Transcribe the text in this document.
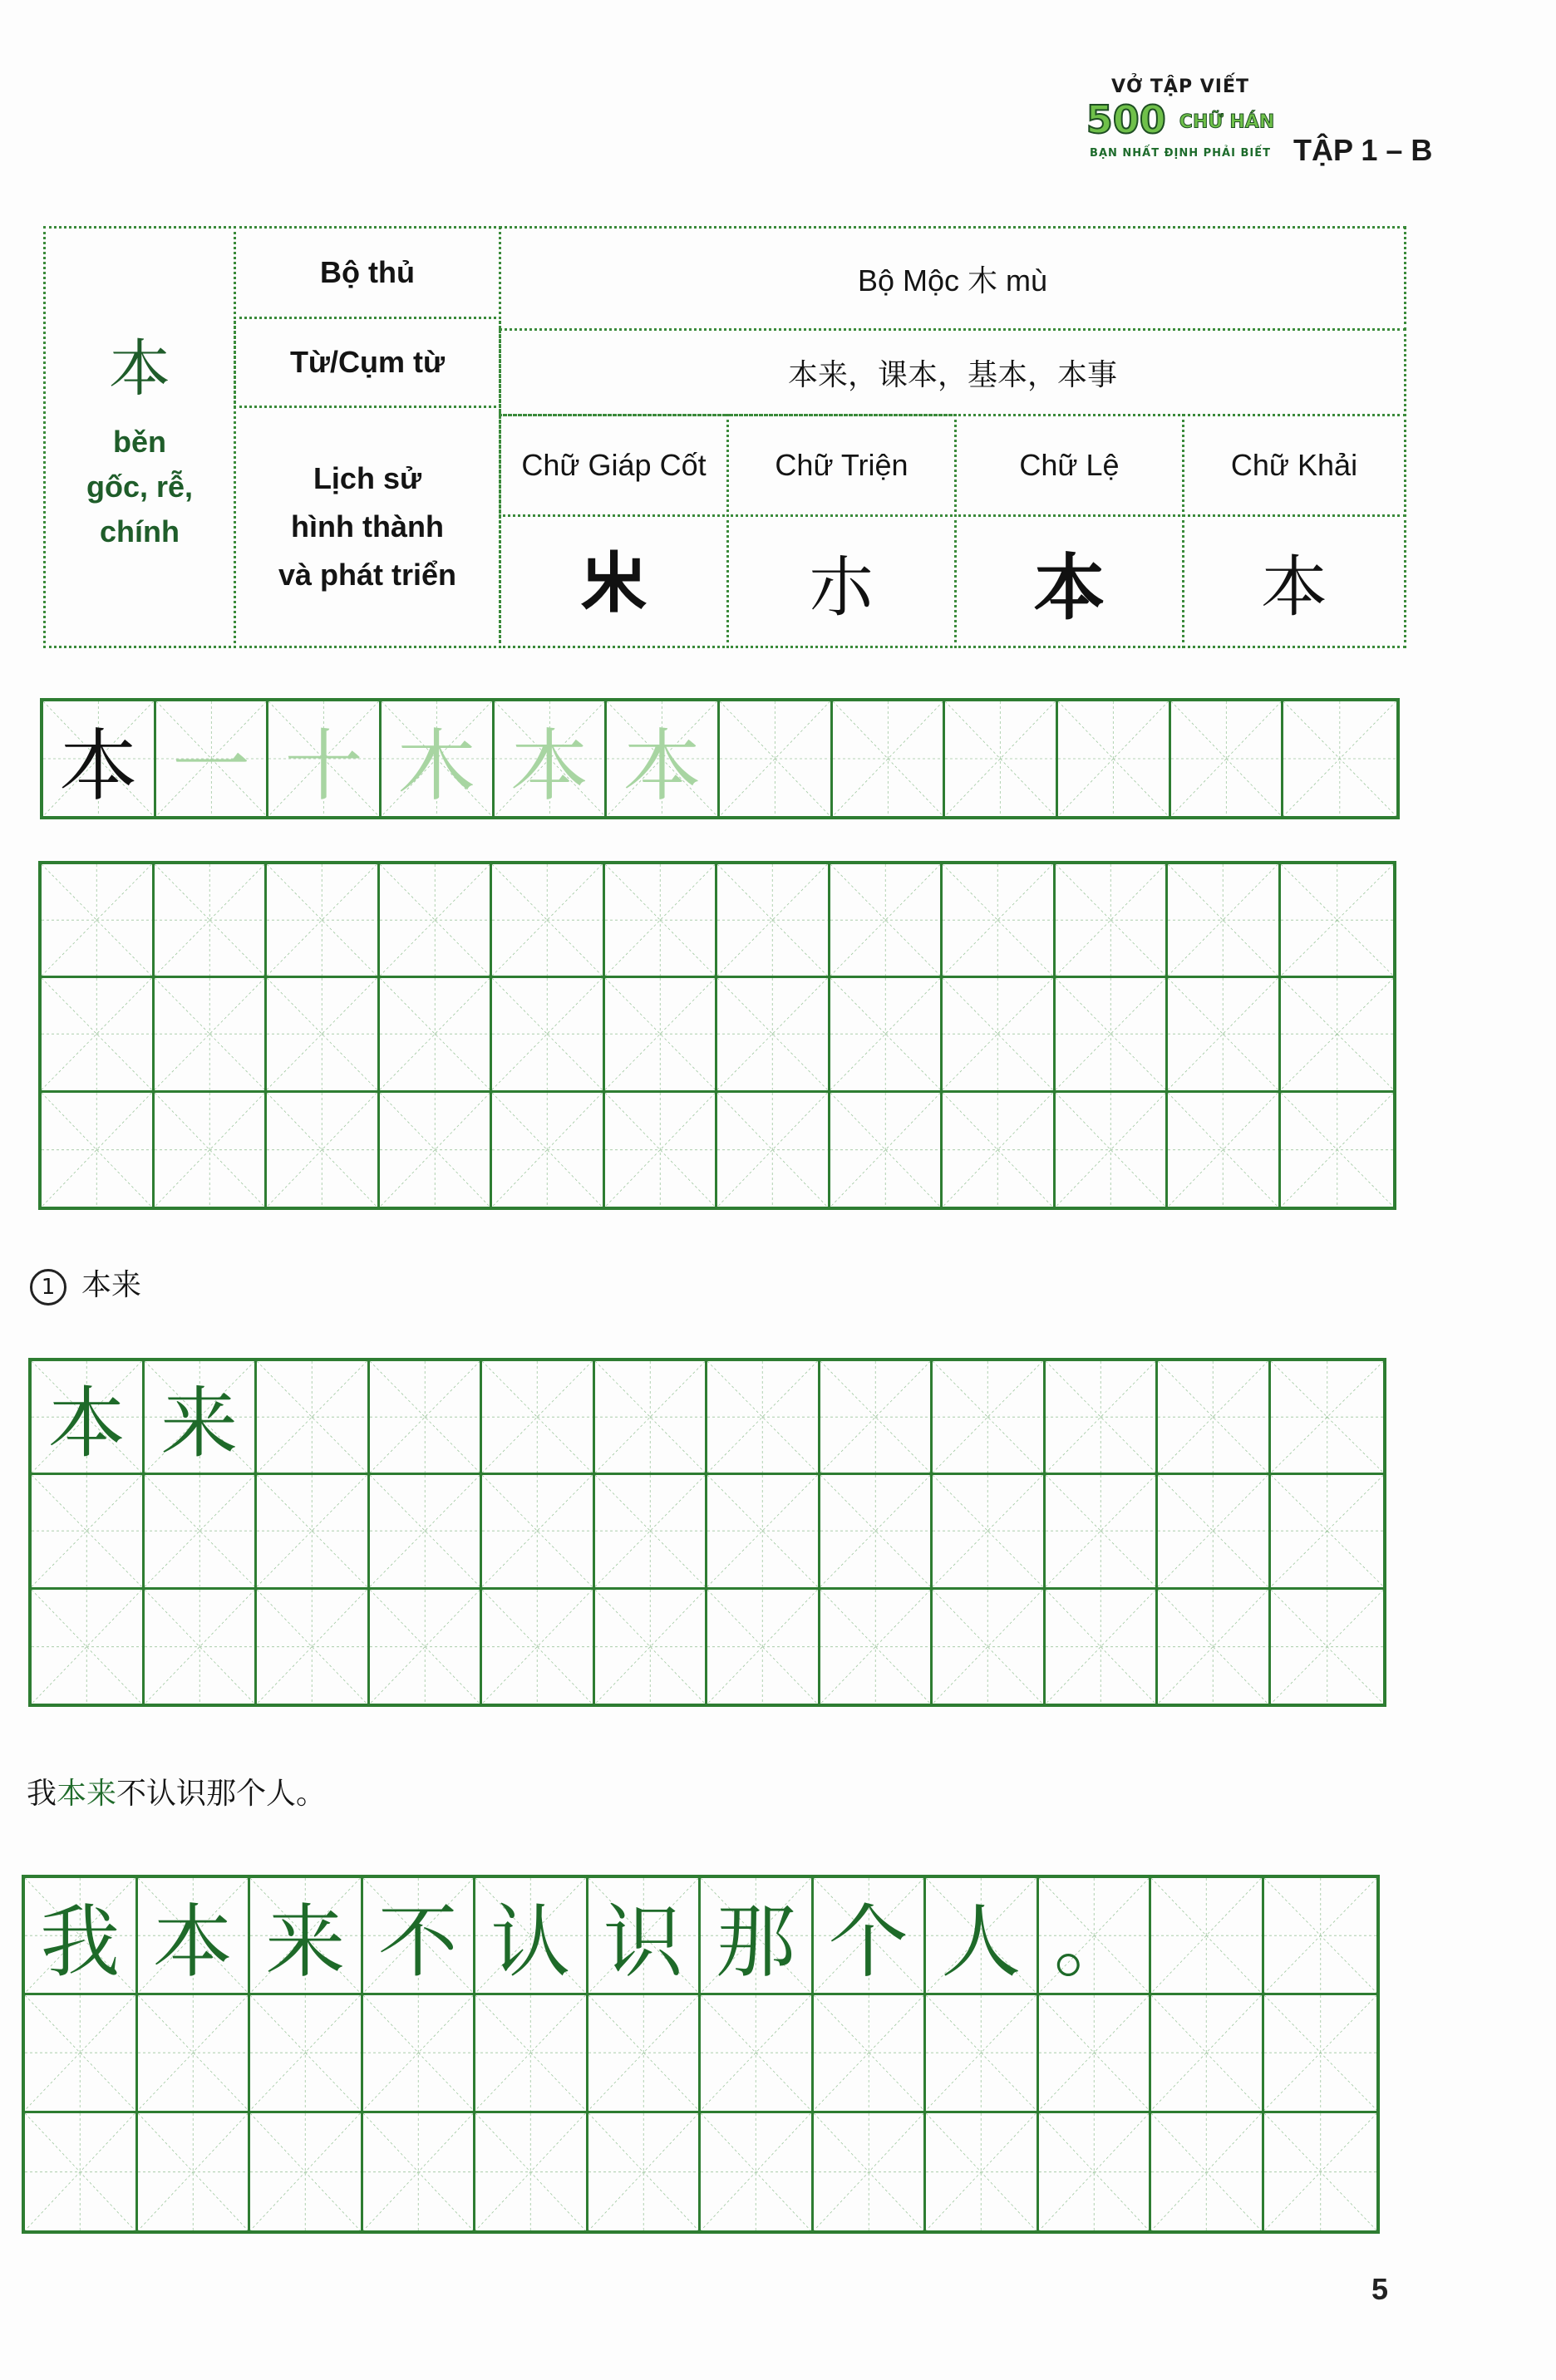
VỞ TẬP VIẾT
500 CHỮ HÁN
BẠN NHẤT ĐỊNH PHẢI BIẾT TẬP 1 – B
本
běn
gốc, rễ,
chính
Bộ thủ	Bộ Mộc 木 mù
Từ/Cụm từ	本来，课本，基本，本事
Lịch sử
hình thành
và phát triển
Chữ Giáp Cốt	Chữ Triện	Chữ Lệ	Chữ Khải
𣎵 朩 本 本
本 一 十 木 本 本
1 本来
本 来
我本来不认识那个人。
我 本 来 不 认 识 那 个 人 。
5
